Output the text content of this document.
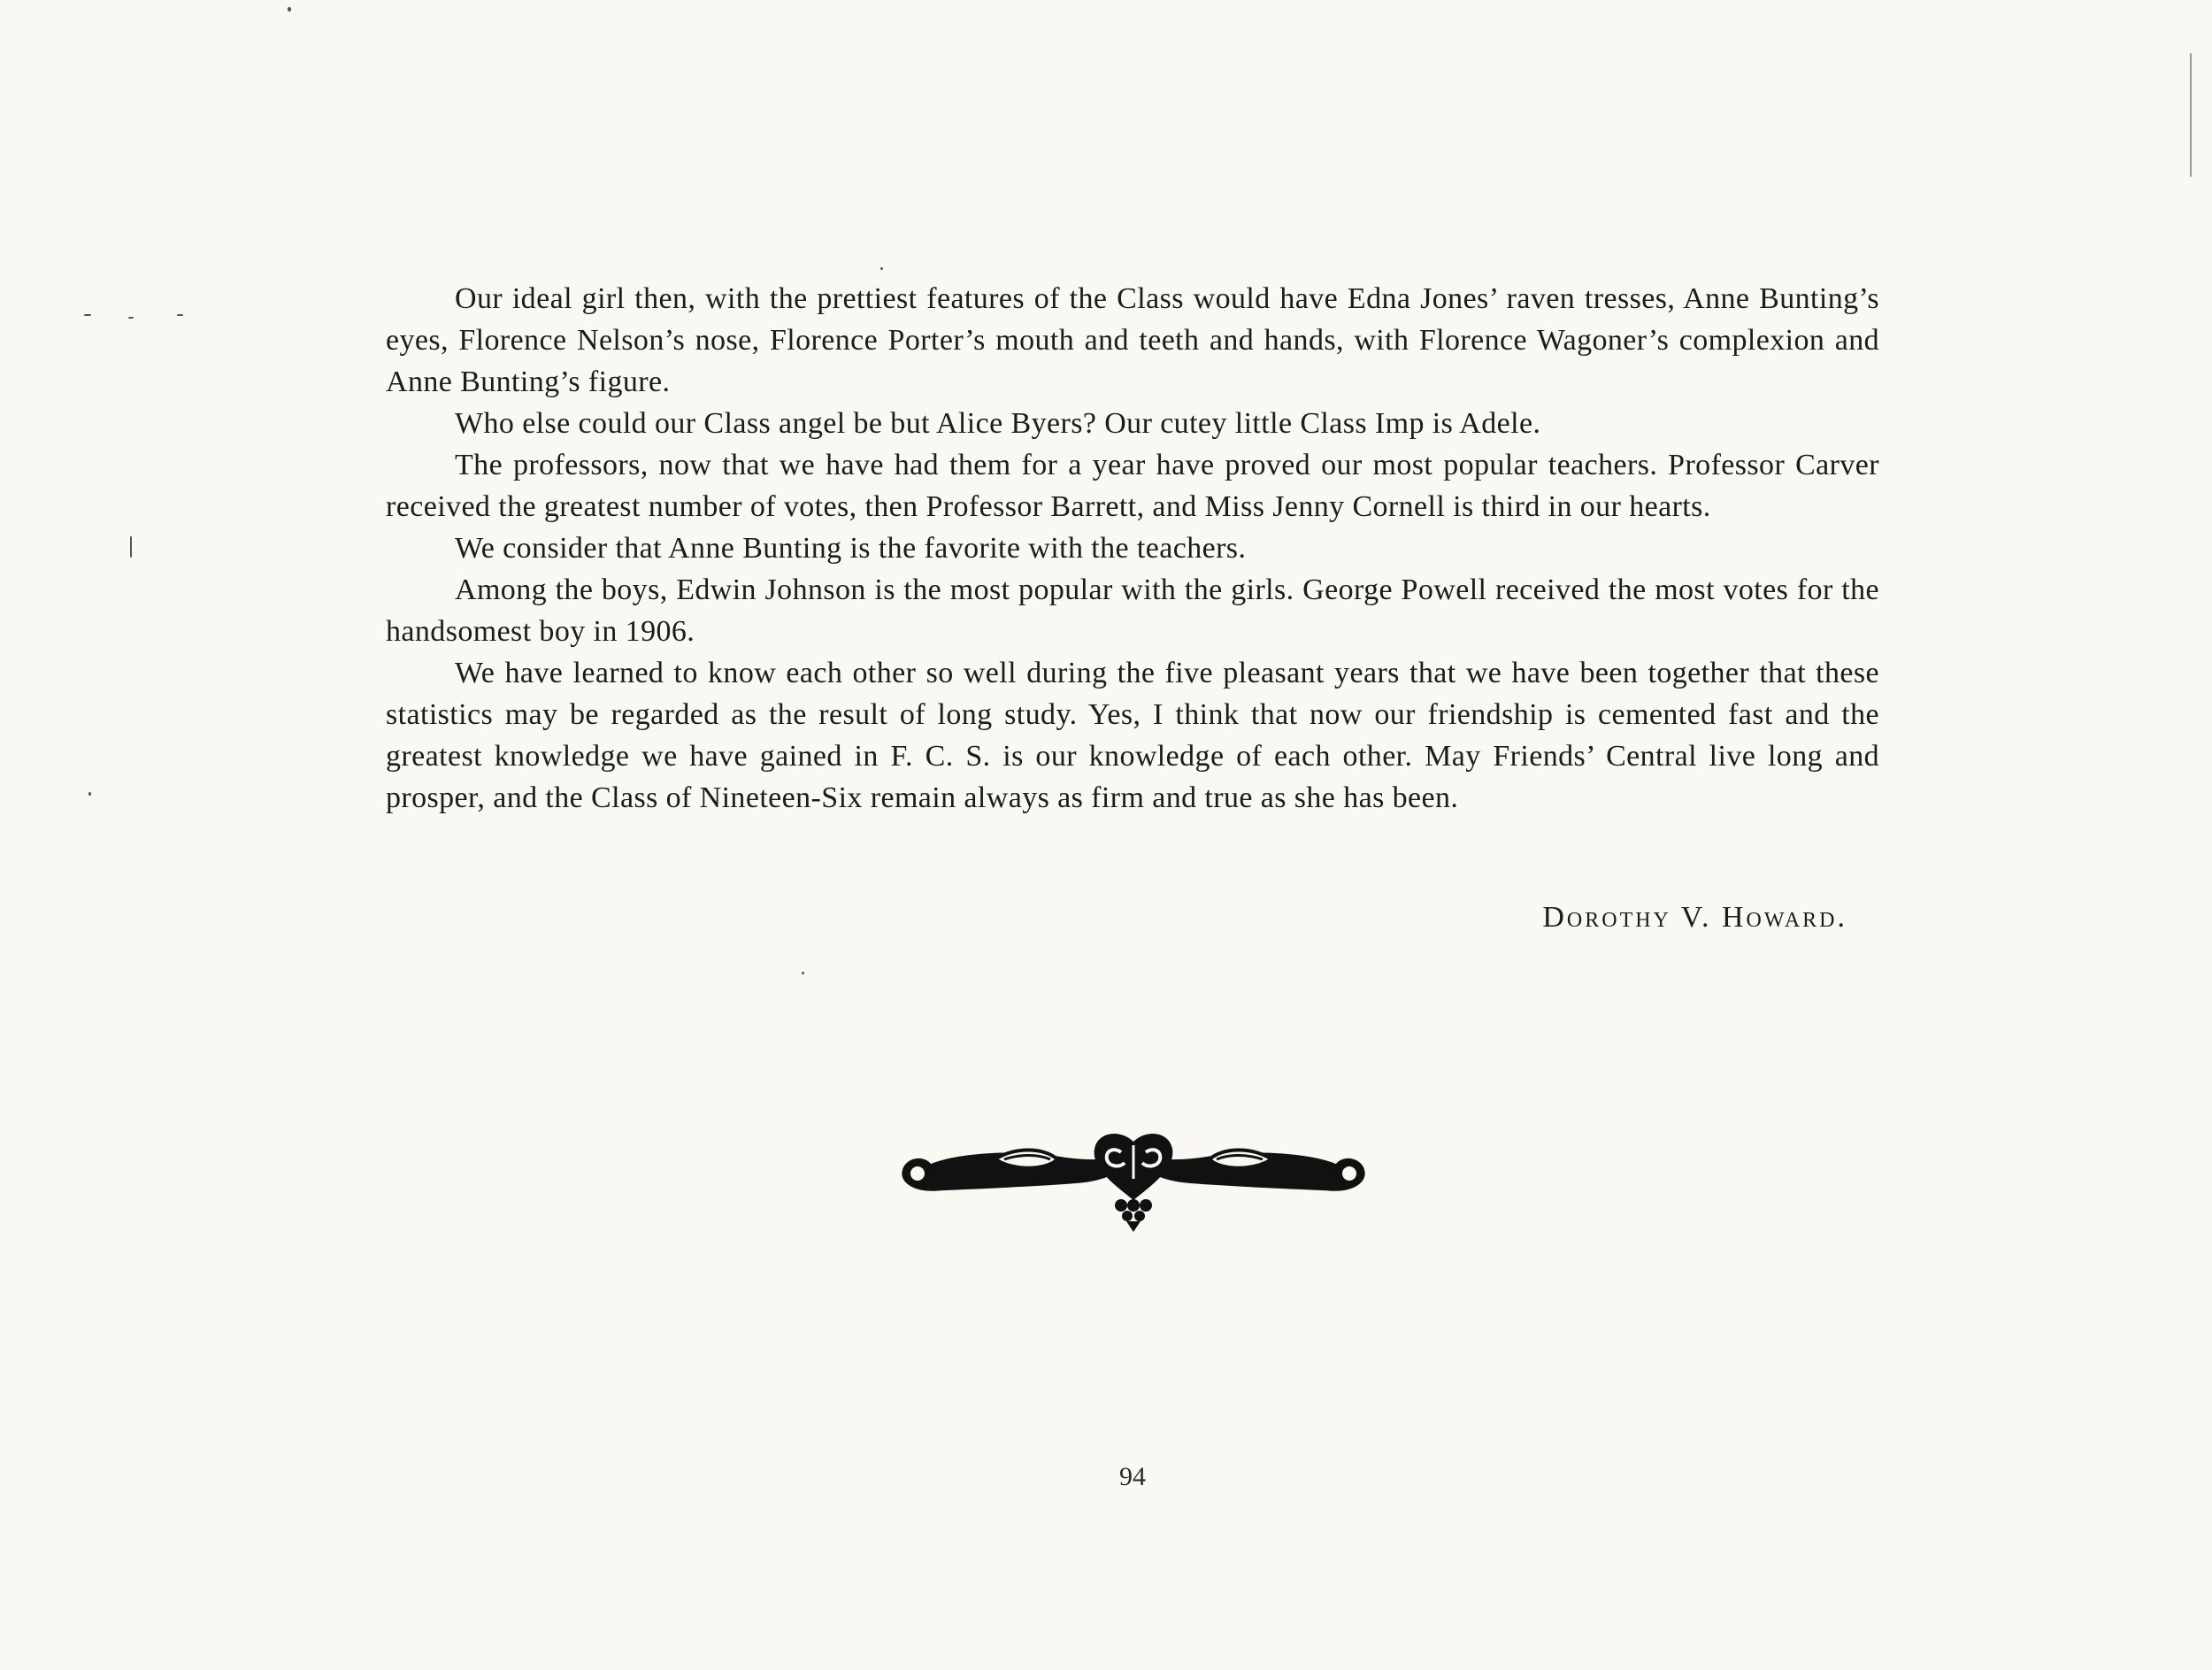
Our ideal girl then, with the prettiest features of the Class would have Edna Jones’ raven tresses, Anne Bunting’s eyes, Florence Nelson’s nose, Florence Porter’s mouth and teeth and hands, with Florence Wagoner’s complexion and Anne Bunting’s figure.

Who else could our Class angel be but Alice Byers? Our cutey little Class Imp is Adele.

The professors, now that we have had them for a year have proved our most popular teachers. Professor Carver received the greatest number of votes, then Professor Barrett, and Miss Jenny Cornell is third in our hearts.

We consider that Anne Bunting is the favorite with the teachers.

Among the boys, Edwin Johnson is the most popular with the girls. George Powell received the most votes for the handsomest boy in 1906.

We have learned to know each other so well during the five pleasant years that we have been together that these statistics may be regarded as the result of long study. Yes, I think that now our friendship is cemented fast and the greatest knowledge we have gained in F. C. S. is our knowledge of each other. May Friends’ Central live long and prosper, and the Class of Nineteen-Six remain always as firm and true as she has been.

Dorothy V. Howard.
94
